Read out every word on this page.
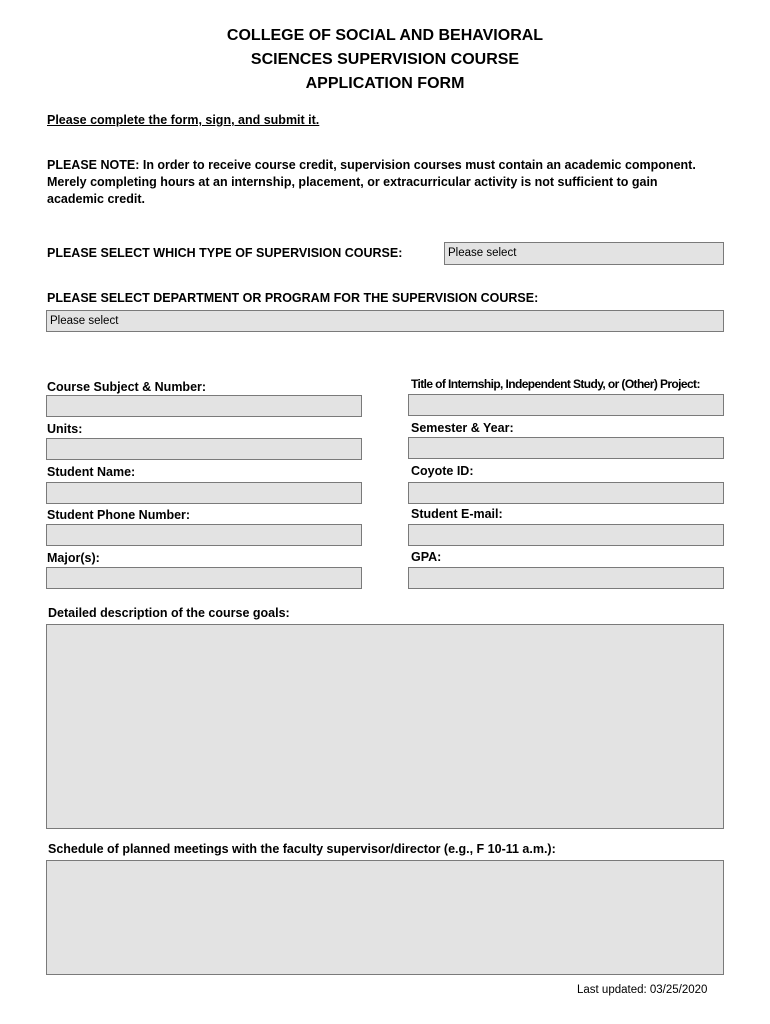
COLLEGE OF SOCIAL AND BEHAVIORAL
SCIENCES SUPERVISION COURSE
APPLICATION FORM
Please complete the form, sign, and submit it.
PLEASE NOTE: In order to receive course credit, supervision courses must contain an academic component. Merely completing hours at an internship, placement, or extracurricular activity is not sufficient to gain academic credit.
PLEASE SELECT WHICH TYPE OF SUPERVISION COURSE:	Please select
PLEASE SELECT DEPARTMENT OR PROGRAM FOR THE SUPERVISION COURSE:
Please select
Course Subject & Number:
Units:
Student Name:
Student Phone Number:
Major(s):
Title of Internship, Independent Study, or (Other) Project:
Semester & Year:
Coyote ID:
Student E-mail:
GPA:
Detailed description of the course goals:
Schedule of planned meetings with the faculty supervisor/director (e.g., F 10-11 a.m.):
Last updated: 03/25/2020
